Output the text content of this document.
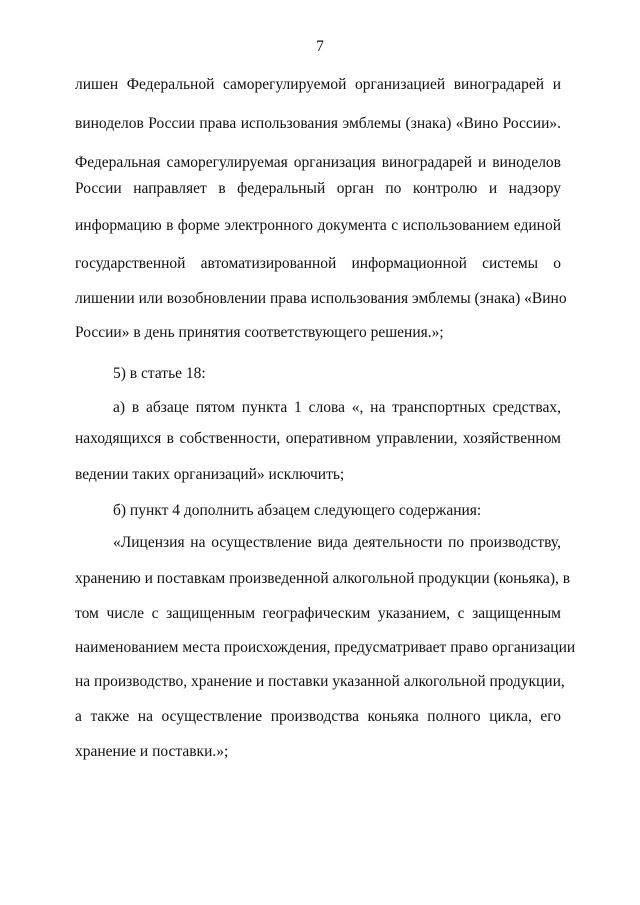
7
лишен Федеральной саморегулируемой организацией виноградарей и
виноделов России права использования эмблемы (знака) «Вино России».
Федеральная саморегулируемая организация виноградарей и виноделов
России направляет в федеральный орган по контролю и надзору
информацию в форме электронного документа с использованием единой
государственной автоматизированной информационной системы о
лишении или возобновлении права использования эмблемы (знака) «Вино
России» в день принятия соответствующего решения.»;
5) в статье 18:
а) в абзаце пятом пункта 1 слова «, на транспортных средствах,
находящихся в собственности, оперативном управлении, хозяйственном
ведении таких организаций» исключить;
б) пункт 4 дополнить абзацем следующего содержания:
«Лицензия на осуществление вида деятельности по производству,
хранению и поставкам произведенной алкогольной продукции (коньяка), в
том числе с защищенным географическим указанием, с защищенным
наименованием места происхождения, предусматривает право организации
на производство, хранение и поставки указанной алкогольной продукции,
а также на осуществление производства коньяка полного цикла, его
хранение и поставки.»;
